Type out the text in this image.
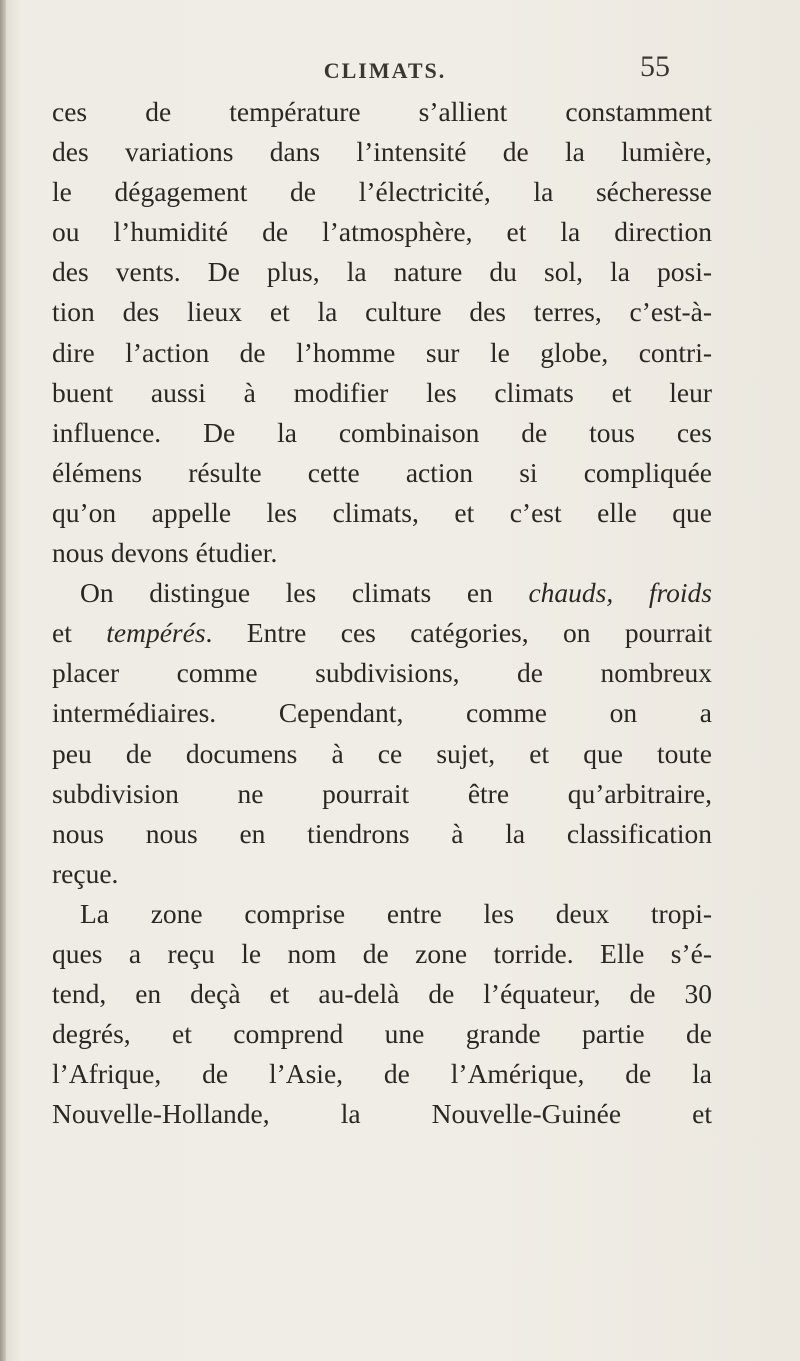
CLIMATS.	55
ces de température s’allient constamment
des variations dans l’intensité de la lumière,
le dégagement de l’électricité, la sécheresse
ou l’humidité de l’atmosphère, et la direction
des vents. De plus, la nature du sol, la posi-
tion des lieux et la culture des terres, c’est-à-
dire l’action de l’homme sur le globe, contri-
buent aussi à modifier les climats et leur
influence. De la combinaison de tous ces
élémens résulte cette action si compliquée
qu’on appelle les climats, et c’est elle que
nous devons étudier.
On distingue les climats en chauds, froids
et tempérés. Entre ces catégories, on pourrait
placer comme subdivisions, de nombreux
intermédiaires. Cependant, comme on a
peu de documens à ce sujet, et que toute
subdivision ne pourrait être qu’arbitraire,
nous nous en tiendrons à la classification
reçue.
La zone comprise entre les deux tropi-
ques a reçu le nom de zone torride. Elle s’é-
tend, en deçà et au-delà de l’équateur, de 30
degrés, et comprend une grande partie de
l’Afrique, de l’Asie, de l’Amérique, de la
Nouvelle-Hollande, la Nouvelle-Guinée et
